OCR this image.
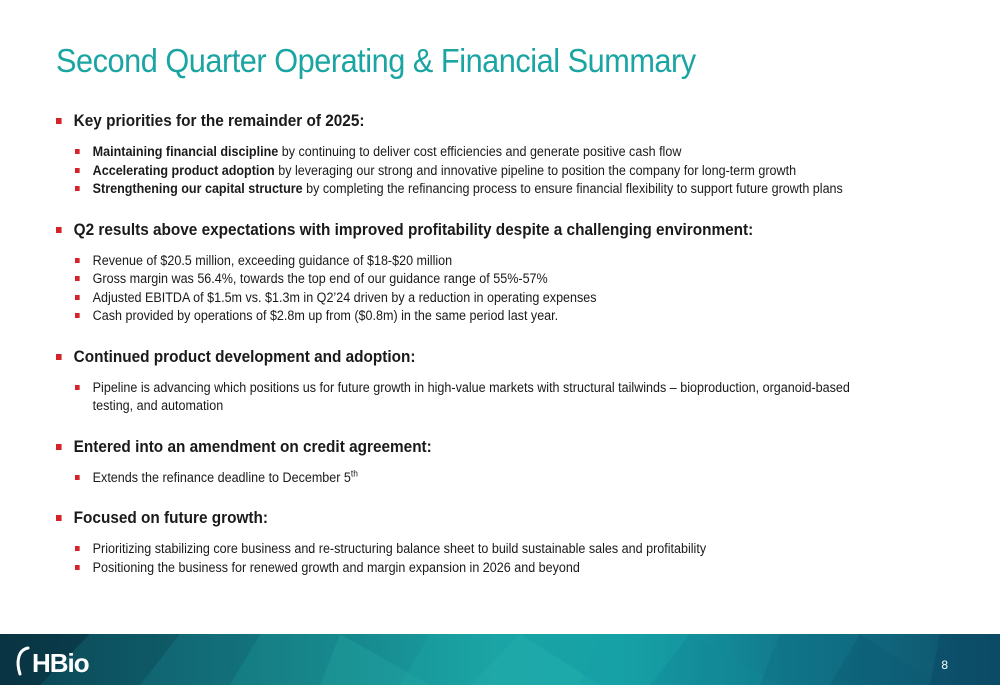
Second Quarter Operating & Financial Summary
Key priorities for the remainder of 2025:
Maintaining financial discipline by continuing to deliver cost efficiencies and generate positive cash flow
Accelerating product adoption by leveraging our strong and innovative pipeline to position the company for long-term growth
Strengthening our capital structure by completing the refinancing process to ensure financial flexibility to support future growth plans
Q2 results above expectations with improved profitability despite a challenging environment:
Revenue of $20.5 million, exceeding guidance of $18-$20 million
Gross margin was 56.4%, towards the top end of our guidance range of 55%-57%
Adjusted EBITDA of $1.5m vs. $1.3m in Q2’24 driven by a reduction in operating expenses
Cash provided by operations of $2.8m up from ($0.8m) in the same period last year.
Continued product development and adoption:
Pipeline is advancing which positions us for future growth in high-value markets with structural tailwinds – bioproduction, organoid-based testing, and automation
Entered into an amendment on credit agreement:
Extends the refinance deadline to December 5th
Focused on future growth:
Prioritizing stabilizing core business and re-structuring balance sheet to build sustainable sales and profitability
Positioning the business for renewed growth and margin expansion in 2026 and beyond
HBio	8
